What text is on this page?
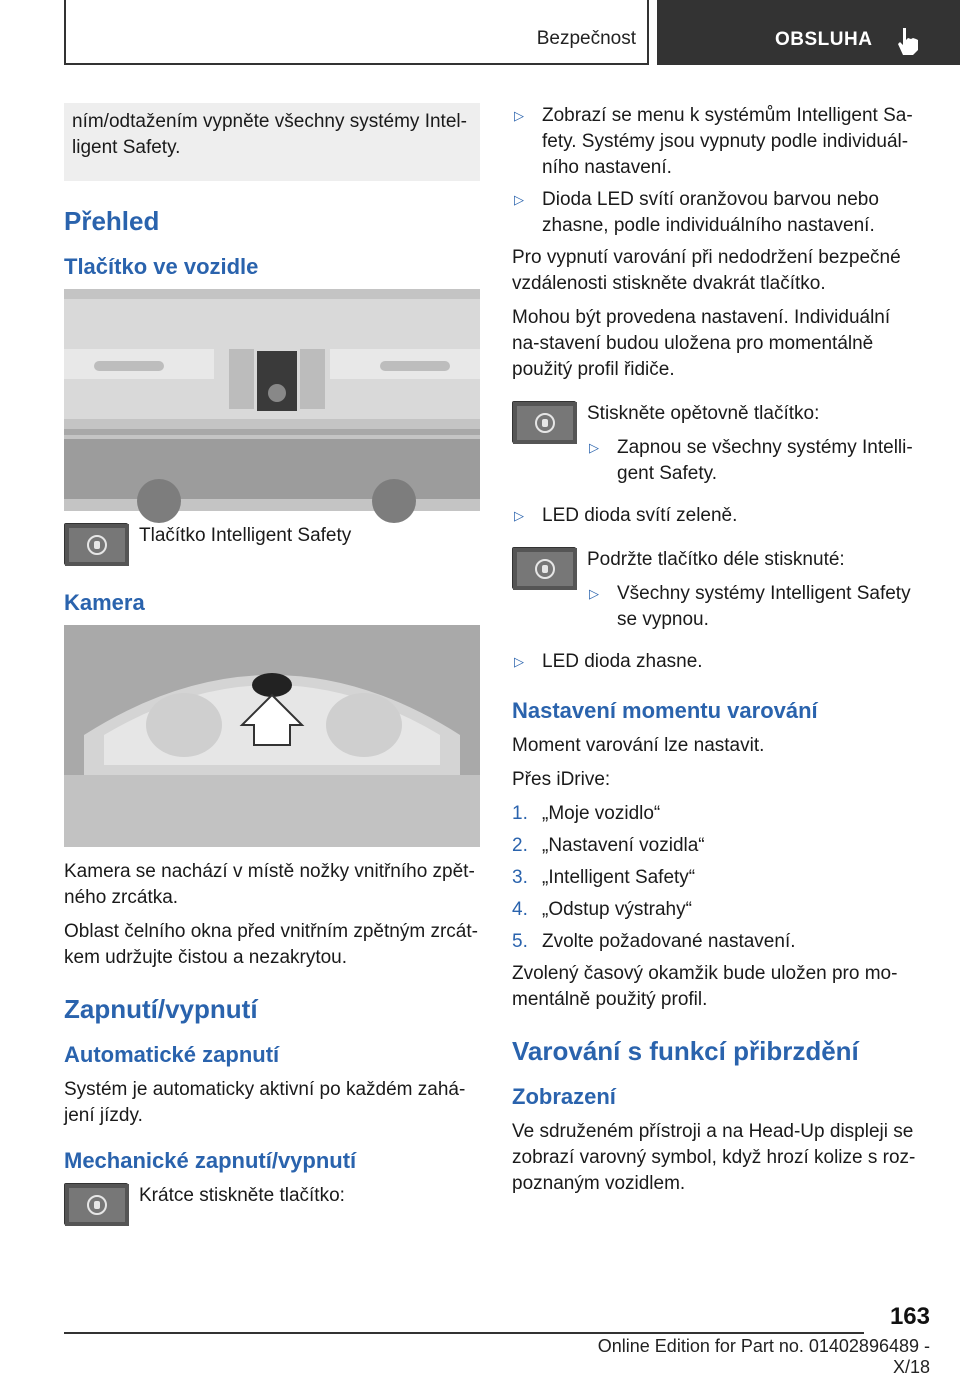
Bezpečnost	OBSLUHA

ním/odtažením vypněte všechny systémy Intel‐ligent Safety.

Přehled
Tlačítko ve vozidle

Tlačítko Intelligent Safety

Kamera

Kamera se nachází v místě nožky vnitřního zpět‐ného zrcátka.

Oblast čelního okna před vnitřním zpětným zrcát‐kem udržujte čistou a nezakrytou.

Zapnutí/vypnutí
Automatické zapnutí

Systém je automaticky aktivní po každém zahá‐jení jízdy.

Mechanické zapnutí/vypnutí

Krátce stiskněte tlačítko:

▷ Zobrazí se menu k systémům Intelligent Sa‐fety. Systémy jsou vypnuty podle individuál‐ního nastavení.
▷ Dioda LED svítí oranžovou barvou nebo zhasne, podle individuálního nastavení.

Pro vypnutí varování při nedodržení bezpečné vzdálenosti stiskněte dvakrát tlačítko.

Mohou být provedena nastavení. Individuální na‐stavení budou uložena pro momentálně použitý profil řidiče.

Stiskněte opětovně tlačítko:

▷ Zapnou se všechny systémy Intelli‐gent Safety.
▷ LED dioda svítí zeleně.

Podržte tlačítko déle stisknuté:

▷ Všechny systémy Intelligent Safety se vypnou.
▷ LED dioda zhasne.
Nastavení momentu varování

Moment varování lze nastavit.

Přes iDrive:

1. „Moje vozidlo“
2. „Nastavení vozidla“
3. „Intelligent Safety“
4. „Odstup výstrahy“
5. Zvolte požadované nastavení.

Zvolený časový okamžik bude uložen pro mo‐mentálně použitý profil.

Varování s funkcí přibrzdění
Zobrazení

Ve sdruženém přístroji a na Head-Up displeji se zobrazí varovný symbol, když hrozí kolize s roz‐poznaným vozidlem.

163
Online Edition for Part no. 01402896489 - X/18
